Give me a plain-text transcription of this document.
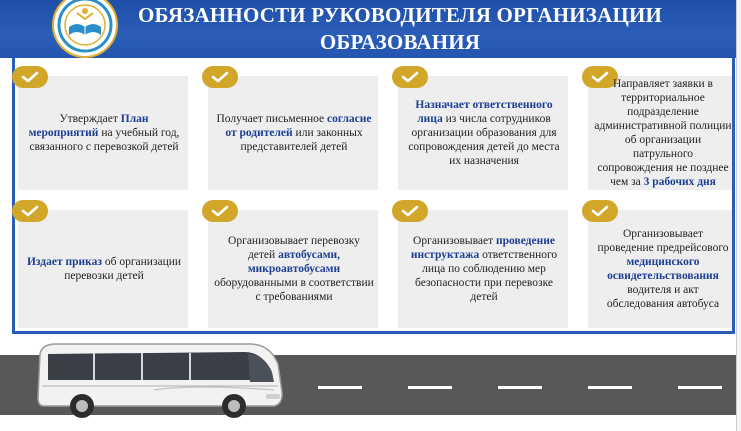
ОБЯЗАННОСТИ РУКОВОДИТЕЛЯ ОРГАНИЗАЦИИ
ОБРАЗОВАНИЯ
Утверждает План мероприятий на учебный год, связанного с перевозкой детей
Получает письменное согласие от родителей или законных представителей детей
Назначает ответственного лица из числа сотрудников организации образования для сопровождения детей до места их назначения
Направляет заявки в территориальное подразделение административной полиции об организации патрульного сопровождения не позднее чем за 3 рабочих дня
Издает приказ об организации перевозки детей
Организовывает перевозку детей автобусами, микроавтобусами оборудованными в соответствии с требованиями
Организовывает проведение инструктажа ответственного лица по соблюдению мер безопасности при перевозке детей
Организовывает проведение предрейсового медицинского освидетельствования водителя и акт обследования автобуса
